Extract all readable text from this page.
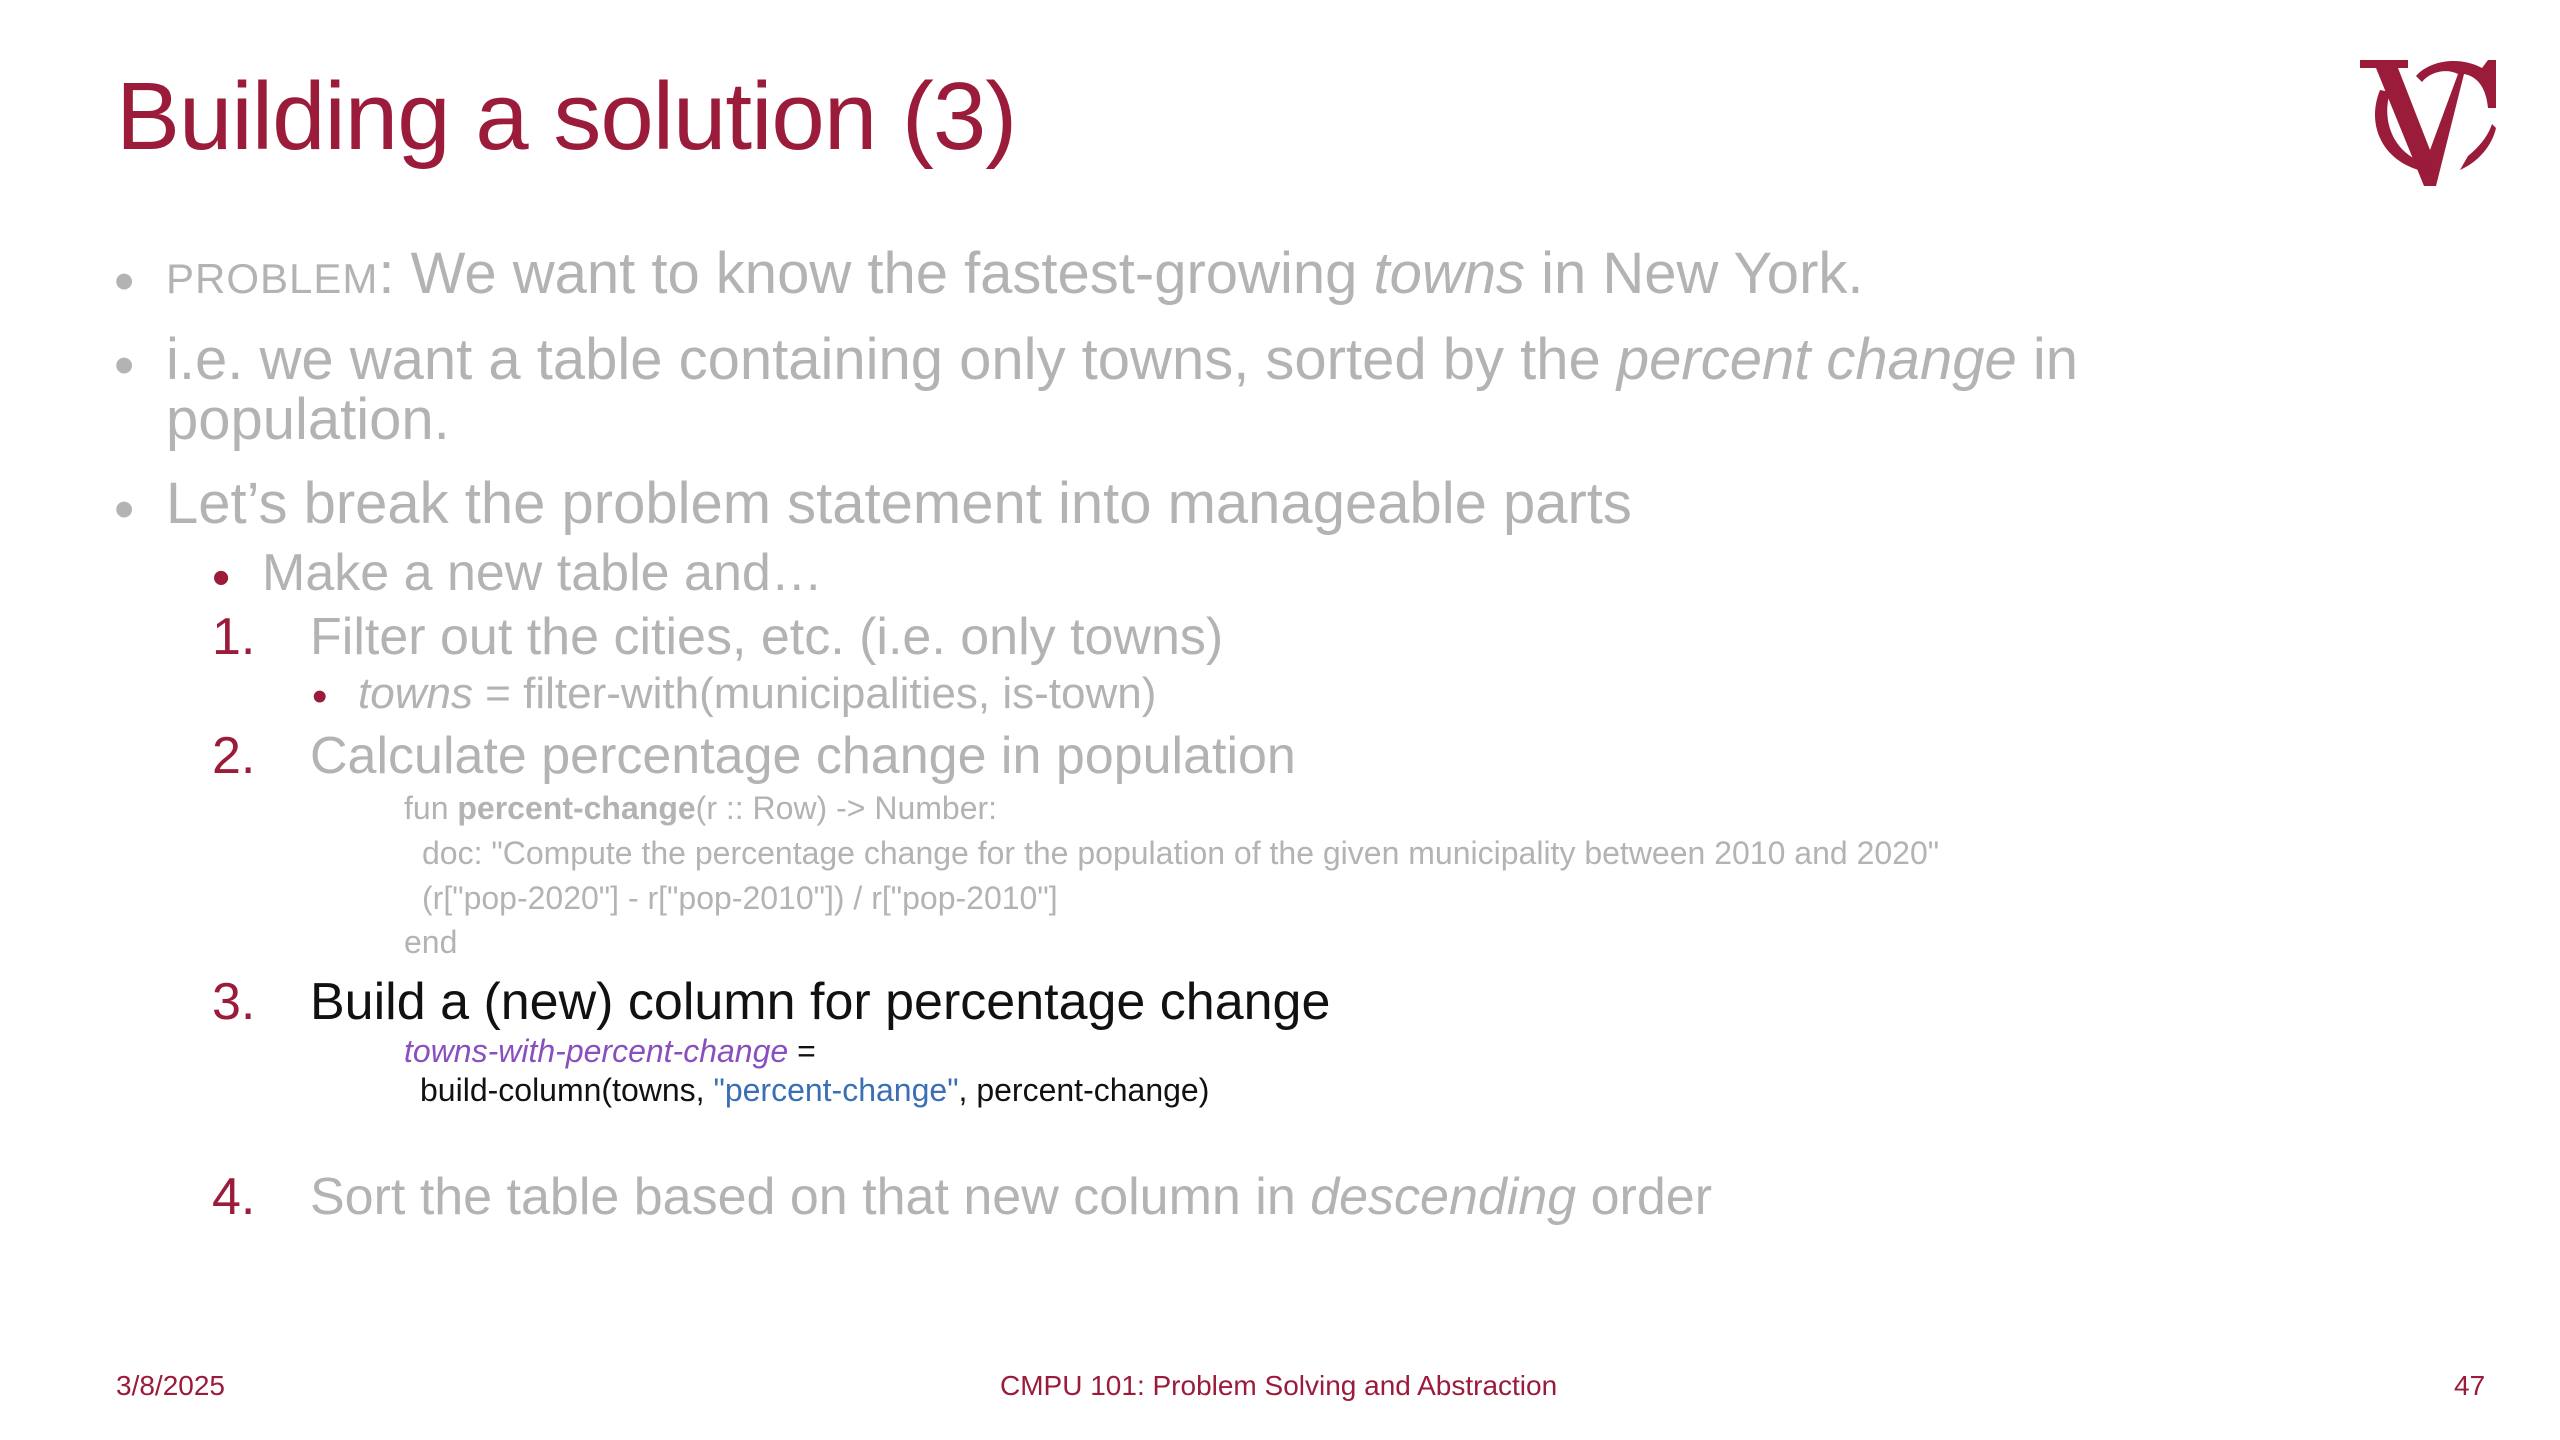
Building a solution (3)
• PROBLEM: We want to know the fastest-growing towns in New York.
• i.e. we want a table containing only towns, sorted by the percent change in
population.
• Let’s break the problem statement into manageable parts
• Make a new table and…
1. Filter out the cities, etc. (i.e. only towns)
• towns = filter-with(municipalities, is-town)
2. Calculate percentage change in population
fun percent-change(r :: Row) -> Number:
doc: "Compute the percentage change for the population of the given municipality between 2010 and 2020"
(r["pop-2020"] - r["pop-2010"]) / r["pop-2010"]
end
3. Build a (new) column for percentage change
towns-with-percent-change =
build-column(towns, "percent-change", percent-change)
4. Sort the table based on that new column in descending order
3/8/2025	CMPU 101: Problem Solving and Abstraction	47
